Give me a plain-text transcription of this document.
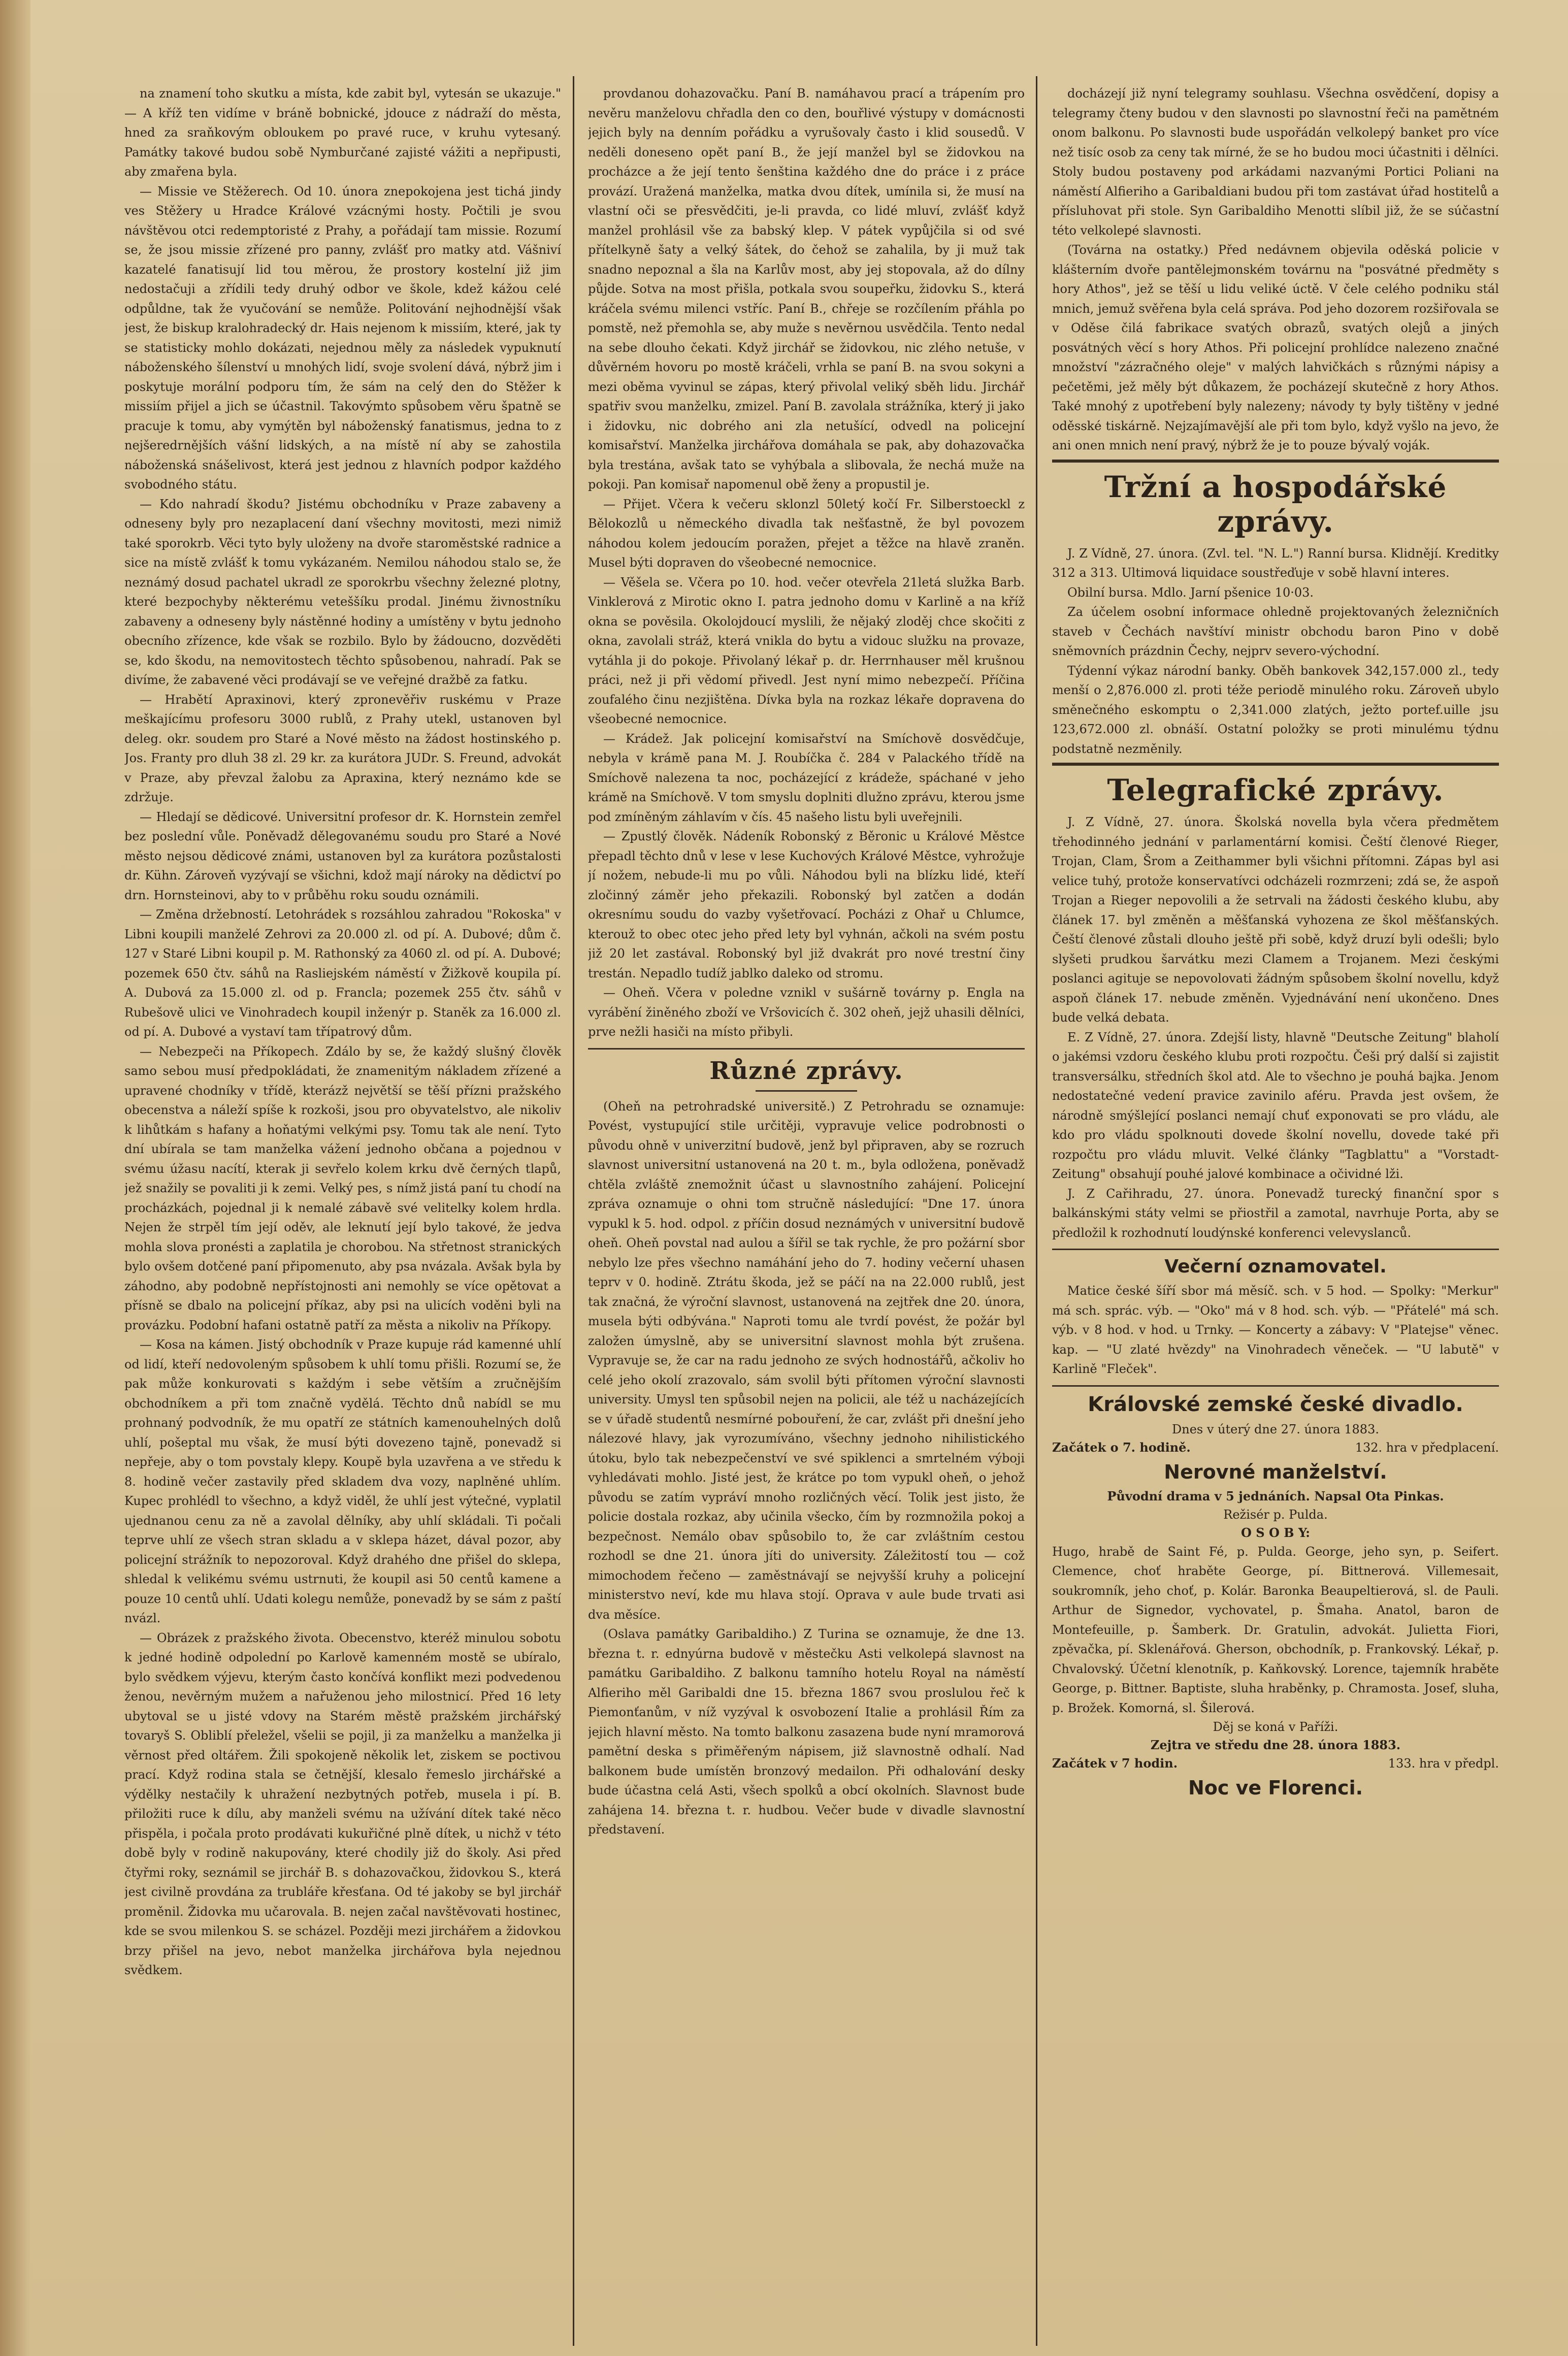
na znamení toho skutku a místa, kde zabit byl, vytesán se ukazuje." — A kříž ten vidíme v bráně bobnické, jdouce z nádraží do města, hned za sraňkovým obloukem po pravé ruce, v kruhu vytesaný. Památky takové budou sobě Nymburčané zajisté vážiti a nepřipusti, aby zmařena byla.

— Missie ve Stěžerech. Od 10. února znepokojena jest tichá jindy ves Stěžery u Hradce Králové vzácnými hosty. Počtili je svou návštěvou otci redemptoristé z Prahy, a pořádají tam missie. Rozumí se, že jsou missie zřízené pro panny, zvlášť pro matky atd. Vášniví kazatelé fanatisují lid tou měrou, že prostory kostelní již jim nedostačuji a zřídili tedy druhý odbor ve škole, kdež kážou celé odpůldne, tak že vyučování se nemůže. Politování nejhodnější však jest, že biskup kralohradecký dr. Hais nejenom k missiím, které, jak ty se statisticky mohlo dokázati, nejednou měly za následek vypuknutí náboženského šílenství u mnohých lidí, svoje svolení dává, nýbrž jim i poskytuje morální podporu tím, že sám na celý den do Stěžer k missiím přijel a jich se účastnil. Takovýmto spůsobem věru špatně se pracuje k tomu, aby vymýtěn byl náboženský fanatismus, jedna to z nejšeredrnějších vášní lidských, a na místě ní aby se zahostila náboženská snášelivost, která jest jednou z hlavních podpor každého svobodného státu.

— Kdo nahradí škodu? Jistému obchodníku v Praze zabaveny a odneseny byly pro nezaplacení daní všechny movitosti, mezi nimiž také sporokrb. Věci tyto byly uloženy na dvoře staroměstské radnice a sice na místě zvlášť k tomu vykázaném. Nemilou náhodou stalo se, že neznámý dosud pachatel ukradl ze sporokrbu všechny železné plotny, které bezpochyby některému veteššíku prodal. Jinému živnostníku zabaveny a odneseny byly nástěnné hodiny a umístěny v bytu jednoho obecního zřízence, kde však se rozbilo. Bylo by žádoucno, dozvěděti se, kdo škodu, na nemovitostech těchto spůsobenou, nahradí. Pak se divíme, že zabavené věci prodávají se ve veřejné dražbě za fatku.

— Hrabětí Apraxinovi, který zpronevěřiv ruskému v Praze meškajícímu profesoru 3000 rublů, z Prahy utekl, ustanoven byl deleg. okr. soudem pro Staré a Nové město na žádost hostinského p. Jos. Franty pro dluh 38 zl. 29 kr. za kurátora JUDr. S. Freund, advokát v Praze, aby převzal žalobu za Apraxina, který neznámo kde se zdržuje.

— Hledají se dědicové. Universitní profesor dr. K. Hornstein zemřel bez poslední vůle. Poněvadž dělegovanému soudu pro Staré a Nové město nejsou dědicové známi, ustanoven byl za kurátora pozůstalosti dr. Kühn. Zároveň vyzývají se všichni, kdož mají nároky na dědictví po drn. Hornsteinovi, aby to v průběhu roku soudu oznámili.

— Změna držebností. Letohrádek s rozsáhlou zahradou "Rokoska" v Libni koupili manželé Zehrovi za 20.000 zl. od pí. A. Dubové; dům č. 127 v Staré Libni koupil p. M. Rathonský za 4060 zl. od pí. A. Dubové; pozemek 650 čtv. sáhů na Rasliejském náměstí v Žižkově koupila pí. A. Dubová za 15.000 zl. od p. Francla; pozemek 255 čtv. sáhů v Rubešově ulici ve Vinohradech koupil inženýr p. Staněk za 16.000 zl. od pí. A. Dubové a vystaví tam třípatrový dům.

— Nebezpeči na Příkopech. Zdálo by se, že každý slušný člověk samo sebou musí předpokládati, že znamenitým nákladem zřízené a upravené chodníky v třídě, kterázž největší se těší přízni pražského obecenstva a náleží spíše k rozkoši, jsou pro obyvatelstvo, ale nikoliv k lihůtkám s hafany a hoňatými velkými psy. Tomu tak ale není. Tyto dní ubírala se tam manželka vážení jednoho občana a pojednou v svému úžasu nacítí, kterak ji sevřelo kolem krku dvě černých tlapů, jež snažily se povaliti ji k zemi. Velký pes, s nímž jistá paní tu chodí na procházkách, pojednal ji k nemalé zábavě své velitelky kolem hrdla. Nejen že strpěl tím její oděv, ale leknutí její bylo takové, že jedva mohla slova pronésti a zaplatila je chorobou. Na střetnost stranických bylo ovšem dotčené paní připomenuto, aby psa nvázala. Avšak byla by záhodno, aby podobně nepřístojnosti ani nemohly se více opětovat a přísně se dbalo na policejní příkaz, aby psi na ulicích voděni byli na provázku. Podobní hafani ostatně patří za města a nikoliv na Příkopy.

— Kosa na kámen. Jistý obchodník v Praze kupuje rád kamenné uhlí od lidí, kteří nedovoleným spůsobem k uhlí tomu přišli. Rozumí se, že pak může konkurovati s každým i sebe větším a zručnějším obchodníkem a při tom značně vydělá. Těchto dnů nabídl se mu prohnaný podvodník, že mu opatří ze státních kamenouhelných dolů uhlí, pošeptal mu však, že musí býti dovezeno tajně, ponevadž si nepřeje, aby o tom povstaly klepy. Koupě byla uzavřena a ve středu k 8. hodině večer zastavily před skladem dva vozy, naplněné uhlím. Kupec prohlédl to všechno, a když viděl, že uhlí jest výtečné, vyplatil ujednanou cenu za ně a zavolal dělníky, aby uhlí skládali. Ti počali teprve uhlí ze všech stran skladu a v sklepa házet, dával pozor, aby policejní strážník to nepozoroval. Když drahého dne přišel do sklepa, shledal k velikému svému ustrnuti, že koupil asi 50 centů kamene a pouze 10 centů uhlí. Udati kolegu nemůže, ponevadž by se sám z paští nvázl.

— Obrázek z pražského života. Obecenstvo, kteréž minulou sobotu k jedné hodině odpolední po Karlově kamenném mostě se ubíralo, bylo svědkem výjevu, kterým často končívá konflikt mezi podvedenou ženou, nevěrným mužem a nařuženou jeho milostnicí. Před 16 lety ubytoval se u jisté vdovy na Starém městě pražském jirchářský tovaryš S. Obliblí přeležel, všelii se pojil, ji za manželku a manželka ji věrnost před oltářem. Žili spokojeně několik let, ziskem se poctivou prací. Když rodina stala se četnější, klesalo řemeslo jirchářské a výdělky nestačily k uhražení nezbytných potřeb, musela i pí. B. přiložiti ruce k dílu, aby manželi svému na užívání dítek také něco přispěla, i počala proto prodávati kukuřičné plně dítek, u nichž v této době byly v rodině nakupovány, které chodily již do školy. Asi před čtyřmi roky, seznámil se jirchář B. s dohazovačkou, židovkou S., která jest civilně provdána za trubláře křesťana. Od té jakoby se byl jirchář proměnil. Židovka mu učarovala. B. nejen začal navštěvovati hostinec, kde se svou milenkou S. se scházel. Později mezi jirchářem a židovkou brzy přišel na jevo, nebot manželka jirchářova byla nejednou svědkem.

provdanou dohazovačku. Paní B. namáhavou prací a trápením pro nevěru manželovu chřadla den co den, bouřlivé výstupy v domácnosti jejich byly na denním pořádku a vyrušovaly často i klid sousedů. V neděli doneseno opět paní B., že její manžel byl se židovkou na procházce a že její tento šenština každého dne do práce i z práce provází. Uražená manželka, matka dvou dítek, umínila si, že musí na vlastní oči se přesvědčiti, je-li pravda, co lidé mluví, zvlášť když manžel prohlásil vše za babský klep. V pátek vypůjčila si od své přítelkyně šaty a velký šátek, do čehož se zahalila, by ji muž tak snadno nepoznal a šla na Karlův most, aby jej stopovala, až do dílny půjde. Sotva na most přišla, potkala svou soupeřku, židovku S., která kráčela svému milenci vstříc. Paní B., chřeje se rozčílením přáhla po pomstě, než přemohla se, aby muže s nevěrnou usvědčila. Tento nedal na sebe dlouho čekati. Když jirchář se židovkou, nic zlého netuše, v důvěrném hovoru po mostě kráčeli, vrhla se paní B. na svou sokyni a mezi oběma vyvinul se zápas, který přivolal veliký sběh lidu. Jirchář spatřiv svou manželku, zmizel. Paní B. zavolala strážníka, který ji jako i židovku, nic dobrého ani zla netušící, odvedl na policejní komisařství. Manželka jirchářova domáhala se pak, aby dohazovačka byla trestána, avšak tato se vyhýbala a slibovala, že nechá muže na pokoji. Pan komisař napomenul obě ženy a propustil je.

— Přijet. Včera k večeru sklonzl 50letý kočí Fr. Silberstoeckl z Bělokozlů u německého divadla tak nešťastně, že byl povozem náhodou kolem jedoucím poražen, přejet a těžce na hlavě zraněn. Musel býti dopraven do všeobecné nemocnice.

— Věšela se. Včera po 10. hod. večer otevřela 21letá služka Barb. Vinklerová z Mirotic okno I. patra jednoho domu v Karlině a na kříž okna se pověsila. Okolojdoucí myslili, že nějaký zloděj chce skočiti z okna, zavolali stráž, která vnikla do bytu a vidouc služku na provaze, vytáhla ji do pokoje. Přivolaný lékař p. dr. Herrnhauser měl krušnou práci, než ji při vědomí přivedl. Jest nyní mimo nebezpečí. Příčina zoufalého činu nezjištěna. Dívka byla na rozkaz lékaře dopravena do všeobecné nemocnice.

— Krádež. Jak policejní komisařství na Smíchově dosvědčuje, nebyla v krámě pana M. J. Roubíčka č. 284 v Palackého třídě na Smíchově nalezena ta noc, pocházející z krádeže, spáchané v jeho krámě na Smíchově. V tom smyslu doplniti dlužno zprávu, kterou jsme pod zmíněným záhlavím v čís. 45 našeho listu byli uveřejnili.

— Zpustlý člověk. Nádeník Robonský z Běronic u Králové Městce přepadl těchto dnů v lese v lese Kuchových Králové Městce, vyhrožuje jí nožem, nebude-li mu po vůli. Náhodou byli na blízku lidé, kteří zločinný záměr jeho překazili. Robonský byl zatčen a dodán okresnímu soudu do vazby vyšetřovací. Pocházi z Ohař u Chlumce, kterouž to obec otec jeho před lety byl vyhnán, ačkoli na svém postu již 20 let zastával. Robonský byl již dvakrát pro nové trestní činy trestán. Nepadlo tudíž jablko daleko od stromu.

— Oheň. Včera v poledne vznikl v sušárně továrny p. Engla na vyrábění žiněného zboží ve Vršovicích č. 302 oheň, jejž uhasili dělníci, prve nežli hasiči na místo přibyli.

Různé zprávy.

(Oheň na petrohradské universitě.) Z Petrohradu se oznamuje: Povést, vystupující stile určitěji, vypravuje velice podrobnosti o původu ohně v univerzitní budově, jenž byl připraven, aby se rozruch slavnost universitní ustanovená na 20 t. m., byla odložena, poněvadž chtěla zvláště znemožnit účast u slavnostního zahájení. Policejní zpráva oznamuje o ohni tom stručně následující: "Dne 17. února vypukl k 5. hod. odpol. z příčin dosud neznámých v universitní budově oheň. Oheň povstal nad aulou a šířil se tak rychle, že pro požární sbor nebylo lze přes všechno namáhání jeho do 7. hodiny večerní uhasen teprv v 0. hodině. Ztrátu škoda, jež se páčí na na 22.000 rublů, jest tak značná, že výroční slavnost, ustanovená na zejtřek dne 20. února, musela býti odbývána." Naproti tomu ale tvrdí povést, že požár byl založen úmyslně, aby se universitní slavnost mohla být zrušena. Vypravuje se, že car na radu jednoho ze svých hodnostářů, ačkoliv ho celé jeho okolí zrazovalo, sám svolil býti přítomen výroční slavnosti university. Umysl ten spůsobil nejen na policii, ale též u nacházejících se v úřadě studentů nesmírné pobouření, že car, zvlášt při dnešní jeho nálezové hlavy, jak vyrozumíváno, všechny jednoho nihilistického útoku, bylo tak nebezpečenství ve své spiklenci a smrtelném výboji vyhledávati mohlo. Jisté jest, že krátce po tom vypukl oheň, o jehož původu se zatím vypráví mnoho rozličných věcí. Tolik jest jisto, že policie dostala rozkaz, aby učinila všecko, čím by rozmnožila pokoj a bezpečnost. Nemálo obav spůsobilo to, že car zvláštním cestou rozhodl se dne 21. února jíti do university. Záležitostí tou — což mimochodem řečeno — zaměstnávají se nejvyšší kruhy a policejní ministerstvo neví, kde mu hlava stojí. Oprava v aule bude trvati asi dva měsíce.

(Oslava památky Garibaldiho.) Z Turina se oznamuje, že dne 13. března t. r. ednyúrna budově v městečku Asti velkolepá slavnost na památku Garibaldiho. Z balkonu tamního hotelu Royal na náměstí Alfieriho měl Garibaldi dne 15. března 1867 svou proslulou řeč k Piemonťanům, v níž vyzýval k osvobození Italie a prohlásil Řím za jejich hlavní město. Na tomto balkonu zasazena bude nyní mramorová pamětní deska s přiměřeným nápisem, již slavnostně odhalí. Nad balkonem bude umístěn bronzový medailon. Při odhalování desky bude účastna celá Asti, všech spolků a obcí okolních. Slavnost bude zahájena 14. března t. r. hudbou. Večer bude v divadle slavnostní představení.

docházejí již nyní telegramy souhlasu. Všechna osvědčení, dopisy a telegramy čteny budou v den slavnosti po slavnostní řeči na pamětném onom balkonu. Po slavnosti bude uspořádán velkolepý banket pro více než tisíc osob za ceny tak mírné, že se ho budou moci účastniti i dělníci. Stoly budou postaveny pod arkádami nazvanými Portici Poliani na náměstí Alfieriho a Garibaldiani budou při tom zastávat úřad hostitelů a přísluhovat při stole. Syn Garibaldiho Menotti slíbil již, že se súčastní této velkolepé slavnosti.

(Továrna na ostatky.) Před nedávnem objevila oděská policie v klášterním dvoře pantělejmonském továrnu na "posvátné předměty s hory Athos", jež se těší u lidu veliké úctě. V čele celého podniku stál mnich, jemuž svěřena byla celá správa. Pod jeho dozorem rozšiřovala se v Oděse čilá fabrikace svatých obrazů, svatých olejů a jiných posvátných věcí s hory Athos. Při policejní prohlídce nalezeno značné množství "zázračného oleje" v malých lahvičkách s různými nápisy a pečetěmi, jež měly být důkazem, že pocházejí skutečně z hory Athos. Také mnohý z upotřebení byly nalezeny; návody ty byly tištěny v jedné oděsské tiskárně. Nejzajímavější ale při tom bylo, když vyšlo na jevo, že ani onen mnich není pravý, nýbrž že je to pouze bývalý voják.

Tržní a hospodářské zprávy.

J. Z Vídně, 27. února. (Zvl. tel. "N. L.") Ranní bursa. Klidnějí. Kreditky 312 a 313. Ultimová liquidace soustřeďuje v sobě hlavní interes.

Obilní bursa. Mdlo. Jarní pšenice 10·03.

Za účelem osobní informace ohledně projektovaných železničních staveb v Čechách navštíví ministr obchodu baron Pino v době sněmovních prázdnin Čechy, nejprv severo-východní.

Týdenní výkaz národní banky. Oběh bankovek 342,157.000 zl., tedy menší o 2,876.000 zl. proti téže periodě minulého roku. Zároveň ubylo směnečného eskomptu o 2,341.000 zlatých, ježto portef.uille jsu 123,672.000 zl. obnáší. Ostatní položky se proti minulému týdnu podstatně nezměnily.

Telegrafické zprávy.

J. Z Vídně, 27. února. Školská novella byla včera předmětem třehodinného jednání v parlamentární komisi. Čeští členové Rieger, Trojan, Clam, Šrom a Zeithammer byli všichni přítomni. Zápas byl asi velice tuhý, protože konservatívci odcházeli rozmrzeni; zdá se, že aspoň Trojan a Rieger nepovolili a že setrvali na žádosti českého klubu, aby článek 17. byl změněn a měšťanská vyhozena ze škol měšťanských. Čeští členové zůstali dlouho ještě při sobě, když druzí byli odešli; bylo slyšeti prudkou šarvátku mezi Clamem a Trojanem. Mezi českými poslanci agituje se nepovolovati žádným spůsobem školní novellu, když aspoň článek 17. nebude změněn. Vyjednávání není ukončeno. Dnes bude velká debata.

E. Z Vídně, 27. února. Zdejší listy, hlavně "Deutsche Zeitung" blaholí o jakémsi vzdoru českého klubu proti rozpočtu. Češi prý další si zajistit transversálku, středních škol atd. Ale to všechno je pouhá bajka. Jenom nedostatečné vedení pravice zavinilo aféru. Pravda jest ovšem, že národně smýšlející poslanci nemají chuť exponovati se pro vládu, ale kdo pro vládu spolknouti dovede školní novellu, dovede také při rozpočtu pro vládu mluvit. Velké články "Tagblattu" a "Vorstadt-Zeitung" obsahují pouhé jalové kombinace a očividné lži.

J. Z Cařihradu, 27. února. Ponevadž turecký finanční spor s balkánskými státy velmi se přiostřil a zamotal, navrhuje Porta, aby se předložil k rozhodnutí loudýnské konferenci velevyslanců.

Večerní oznamovatel.

Matice české šíří sbor má měsíč. sch. v 5 hod. — Spolky: "Merkur" má sch. sprác. výb. — "Oko" má v 8 hod. sch. výb. — "Přátelé" má sch. výb. v 8 hod. v hod. u Trnky. — Koncerty a zábavy: V "Platejse" věnec. kap. — "U zlaté hvězdy" na Vinohradech věneček. — "U labutě" v Karlině "Fleček".

Královské zemské české divadlo.

Dnes v úterý dne 27. února 1883.

Začátek o 7. hodině.	132. hra v předplacení.
Nerovné manželství.

Původní drama v 5 jednáních. Napsal Ota Pinkas.

Režisér p. Pulda.

O S O B Y:

Hugo, hrabě de Saint Fé, p. Pulda. George, jeho syn, p. Seifert. Clemence, choť hraběte George, pí. Bittnerová. Villemesait, soukromník, jeho choť, p. Kolár. Baronka Beaupeltierová, sl. de Pauli. Arthur de Signedor, vychovatel, p. Šmaha. Anatol, baron de Montefeuille, p. Šamberk. Dr. Gratulin, advokát. Julietta Fiori, zpěvačka, pí. Sklenářová. Gherson, obchodník, p. Frankovský. Lékař, p. Chvalovský. Účetní klenotník, p. Kaňkovský. Lorence, tajemník hraběte George, p. Bittner. Baptiste, sluha hraběnky, p. Chramosta. Josef, sluha, p. Brožek. Komorná, sl. Šilerová.

Děj se koná v Paříži.

Zejtra ve středu dne 28. února 1883.

Začátek v 7 hodin.	133. hra v předpl.
Noc ve Florenci.
